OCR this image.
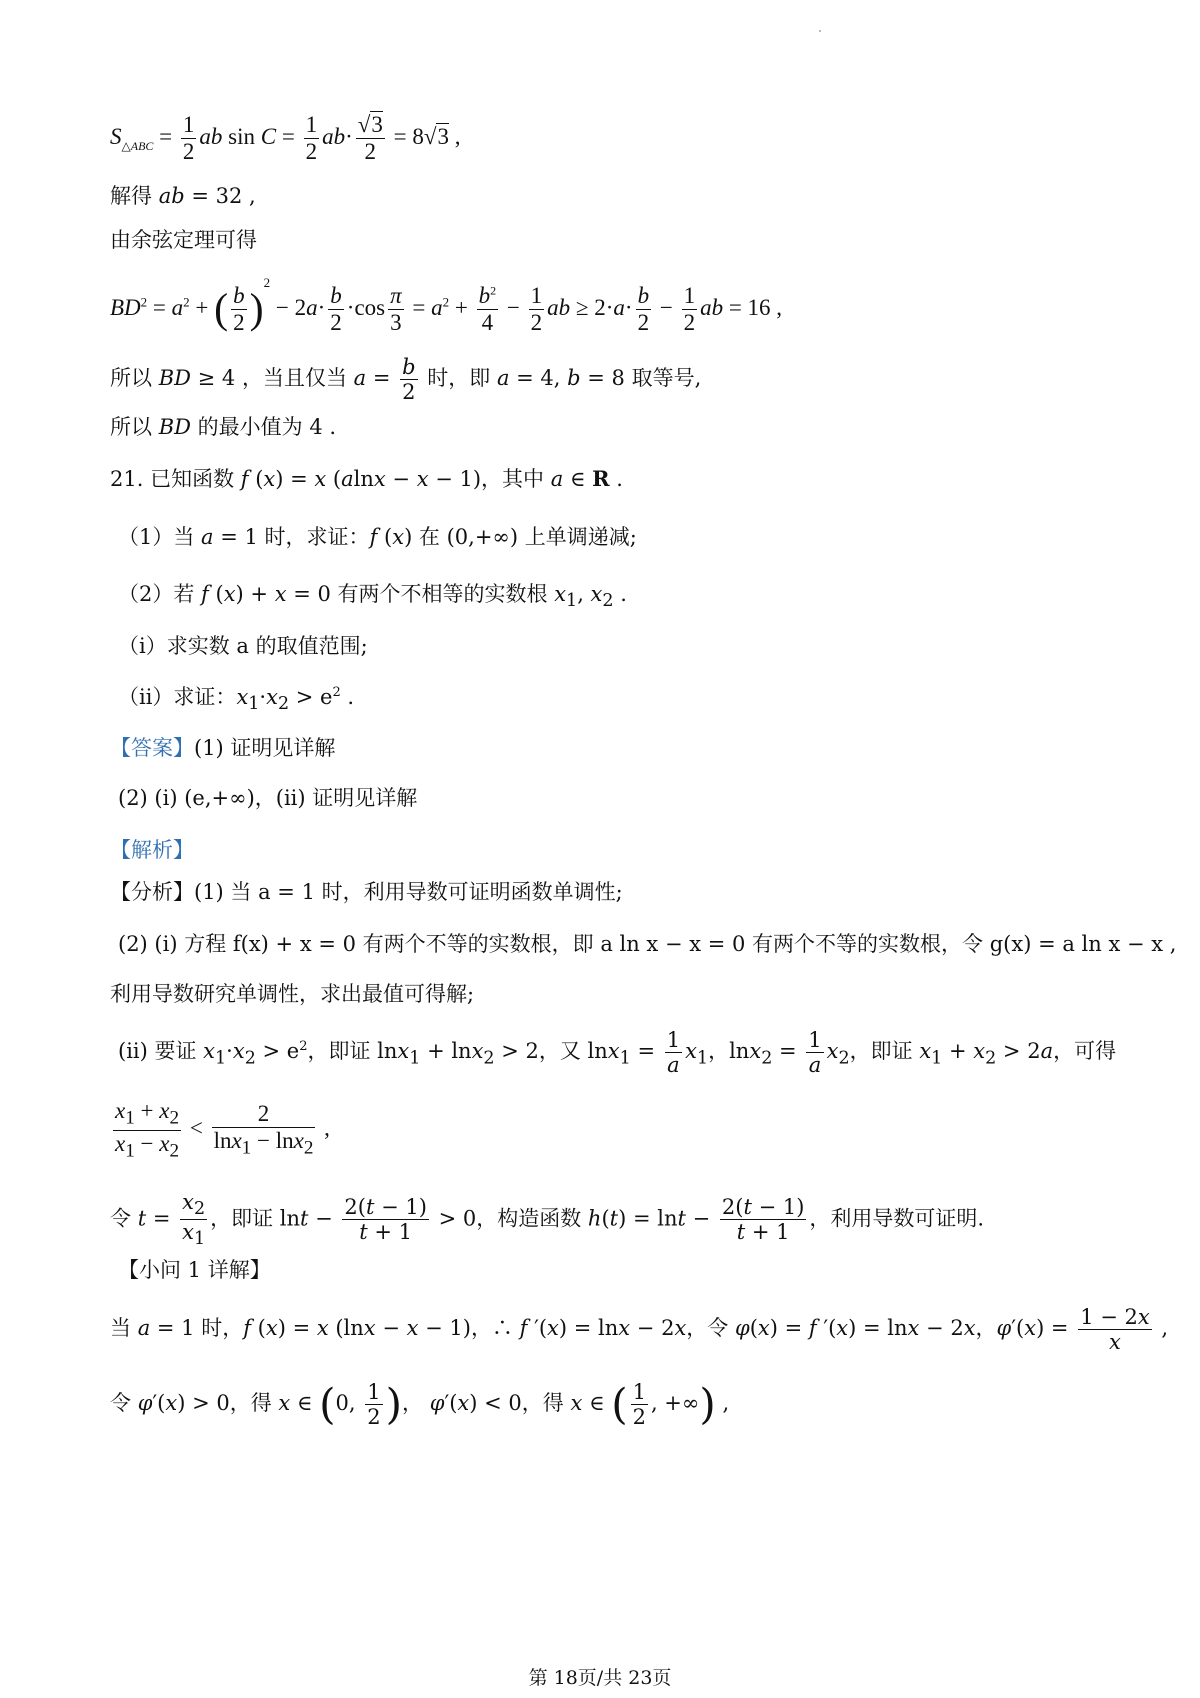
$S_{\triangle ABC} = \frac{1}{2}$ ab $\sin C = \frac{1}{2} ab\cdot \frac{√3}{2} = 8√3$ ,
解得 ab = 32 ,
由余弦定理可得
$BD^2 = a^2$ + ( $\frac{b}{2} )^2 - 2a\cdot \frac{b}{2} \cdot\cos \frac{\pi}{3} = a^2 + \frac{b^2}{4} - \frac{1}{2}$ ab ≥ $2\cdot a\cdot \frac{b}{2} - \frac{1}{2}$ ab = 16 ,
所以 BD ≥ 4 ，当且仅当 $a = \frac{b}{2}$ 时，即 a = 4, b = 8 取等号,
所以 BD 的最小值为 4 .
21. 已知函数 f (x) = x (alnx − x − 1)，其中 a ∈ R .
（1）当 a = 1 时，求证：f (x) 在 (0,+∞) 上单调递减;
（2）若 f (x) + x = 0 有两个不相等的实数根 $x_1$, $x_2$ .
（ⅰ）求实数 a 的取值范围;
（ⅱ）求证：$x_1\cdot x_2 > e^2$ .
【答案】(1) 证明见详解
(2) (i) (e,+∞)，(ii) 证明见详解
【解析】
【分析】(1) 当 a = 1 时，利用导数可证明函数单调性;
(2) (i) 方程 f(x) + x = 0 有两个不等的实数根，即 a ln x − x = 0 有两个不等的实数根，令 g(x) = a ln x − x ,
利用导数研究单调性，求出最值可得解;
(ii) 要证 $x_1\cdot x_2 > e^2$，即证 lnx$_1$ + lnx$_2$ > 2，又 $\ln x_1 = \frac{1}{a} x_1$，$\ln x_2 = \frac{1}{a} x_2$，即证 $x_1 + x_2 > 2a$，可得
$\frac{x_1 + x_2}{x_1 - x_2} < \frac{2}{\ln x_1 - \ln x_2}$ ,
令 $t = \frac{x_2}{x_1}$ ，即证 $\ln t - \frac{2(t - 1)}{t + 1} > 0$，构造函数 $h(t) = \ln t - \frac{2(t - 1)}{t + 1}$ ，利用导数可证明.
【小问 1 详解】
当 a = 1 时，f (x) = x (lnx − x − 1)，∴ f ′(x) = lnx − 2x，令 φ(x) = f ′(x) = lnx − 2x，$\varphi'(x) = \frac{1 - 2x}{x}$ ,
令 φ′(x) > 0，得 x ∈ (0, $\frac{1}{2}$ )， φ′(x) < 0，得 x ∈ ( $\frac{1}{2}$ , +∞) ,
第 18页/共 23页
